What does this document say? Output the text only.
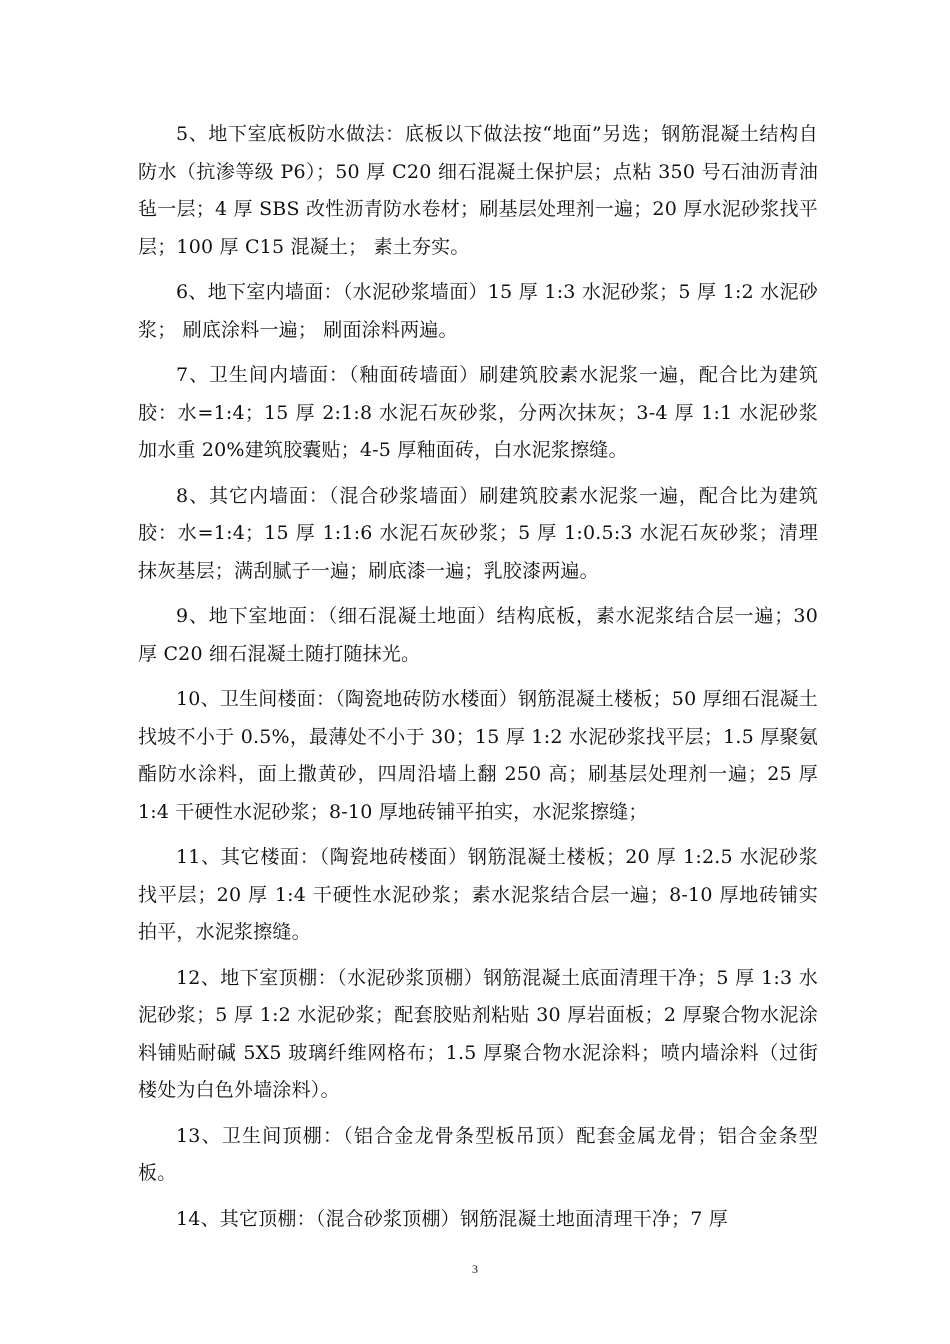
5、地下室底板防水做法：底板以下做法按“地面”另选；钢筋混凝土结构自防水（抗渗等级 P6）；50 厚 C20 细石混凝土保护层；点粘 350 号石油沥青油毡一层；4 厚 SBS 改性沥青防水卷材；刷基层处理剂一遍；20 厚水泥砂浆找平层；100 厚 C15 混凝土； 素土夯实。

6、地下室内墙面：（水泥砂浆墙面）15 厚 1:3 水泥砂浆；5 厚 1:2 水泥砂浆； 刷底涂料一遍； 刷面涂料两遍。

7、卫生间内墙面：（釉面砖墙面）刷建筑胶素水泥浆一遍，配合比为建筑胶：水=1:4；15 厚 2:1:8 水泥石灰砂浆，分两次抹灰；3-4 厚 1:1 水泥砂浆加水重 20%建筑胶囊贴；4-5 厚釉面砖，白水泥浆擦缝。

8、其它内墙面：（混合砂浆墙面）刷建筑胶素水泥浆一遍，配合比为建筑胶：水=1:4；15 厚 1:1:6 水泥石灰砂浆；5 厚 1:0.5:3 水泥石灰砂浆；清理抹灰基层；满刮腻子一遍；刷底漆一遍；乳胶漆两遍。

9、地下室地面：（细石混凝土地面）结构底板，素水泥浆结合层一遍；30 厚 C20 细石混凝土随打随抹光。

10、卫生间楼面：（陶瓷地砖防水楼面）钢筋混凝土楼板；50 厚细石混凝土找坡不小于 0.5%，最薄处不小于 30；15 厚 1:2 水泥砂浆找平层；1.5 厚聚氨酯防水涂料，面上撒黄砂，四周沿墙上翻 250 高；刷基层处理剂一遍；25 厚 1:4 干硬性水泥砂浆；8-10 厚地砖铺平拍实，水泥浆擦缝；

11、其它楼面：（陶瓷地砖楼面）钢筋混凝土楼板；20 厚 1:2.5 水泥砂浆找平层；20 厚 1:4 干硬性水泥砂浆；素水泥浆结合层一遍；8-10 厚地砖铺实拍平，水泥浆擦缝。

12、地下室顶棚：（水泥砂浆顶棚）钢筋混凝土底面清理干净；5 厚 1:3 水泥砂浆；5 厚 1:2 水泥砂浆；配套胶贴剂粘贴 30 厚岩面板；2 厚聚合物水泥涂料铺贴耐碱 5X5 玻璃纤维网格布；1.5 厚聚合物水泥涂料；喷内墙涂料（过街楼处为白色外墙涂料）。

13、卫生间顶棚：（铝合金龙骨条型板吊顶）配套金属龙骨；铝合金条型板。

14、其它顶棚：（混合砂浆顶棚）钢筋混凝土地面清理干净；7 厚

3
